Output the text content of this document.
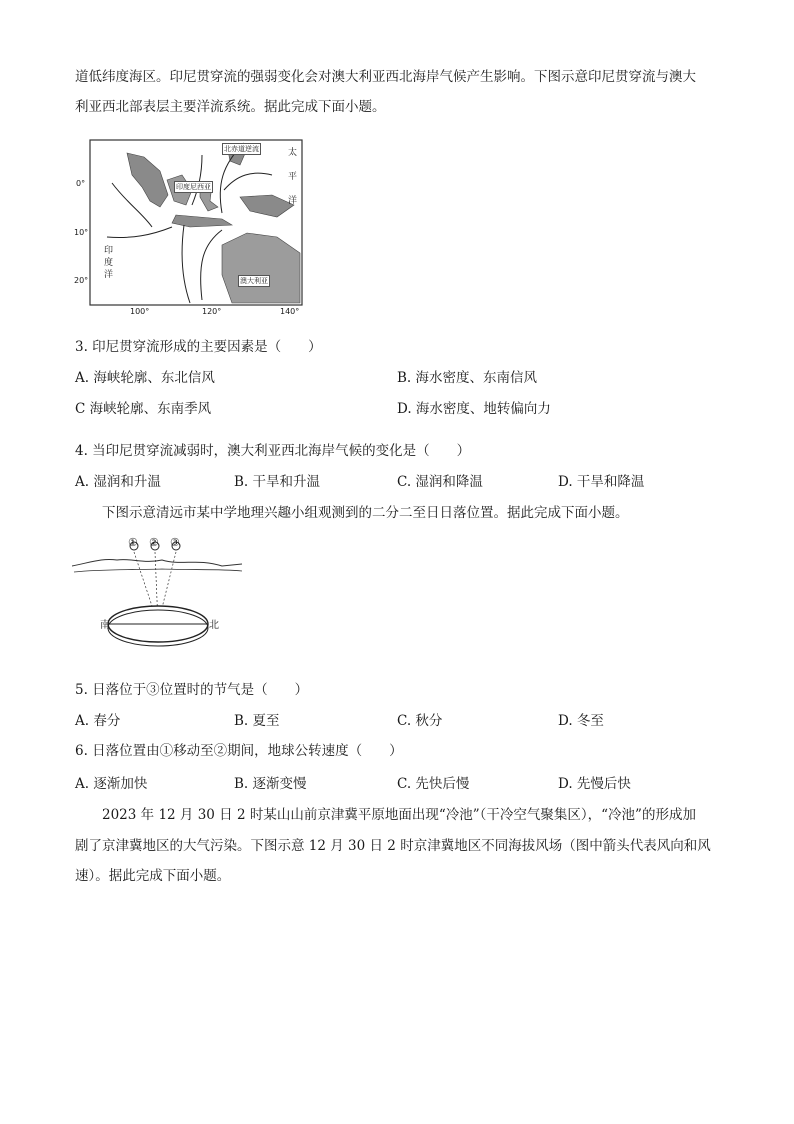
道低纬度海区。印尼贯穿流的强弱变化会对澳大利亚西北海岸气候产生影响。下图示意印尼贯穿流与澳大
利亚西北部表层主要洋流系统。据此完成下面小题。
北赤道逆流
印度尼西亚
澳大利亚
0°
10°
20°
100°	120°	140°
印
度
洋
太
平
洋
3. 印尼贯穿流形成的主要因素是（　　）
A. 海峡轮廓、东北信风	B. 海水密度、东南信风
C 海峡轮廓、东南季风	D. 海水密度、地转偏向力
4. 当印尼贯穿流减弱时，澳大利亚西北海岸气候的变化是（　　）
A. 湿润和升温	B. 干旱和升温	C. 湿润和降温	D. 干旱和降温
下图示意清远市某中学地理兴趣小组观测到的二分二至日日落位置。据此完成下面小题。
① ② ③
南	北
5. 日落位于③位置时的节气是（　　）
A. 春分	B. 夏至	C. 秋分	D. 冬至
6. 日落位置由①移动至②期间，地球公转速度（　　）
A. 逐渐加快	B. 逐渐变慢	C. 先快后慢	D. 先慢后快
2023 年 12 月 30 日 2 时某山山前京津冀平原地面出现“冷池”（干冷空气聚集区），“冷池”的形成加
剧了京津冀地区的大气污染。下图示意 12 月 30 日 2 时京津冀地区不同海拔风场（图中箭头代表风向和风
速）。据此完成下面小题。
